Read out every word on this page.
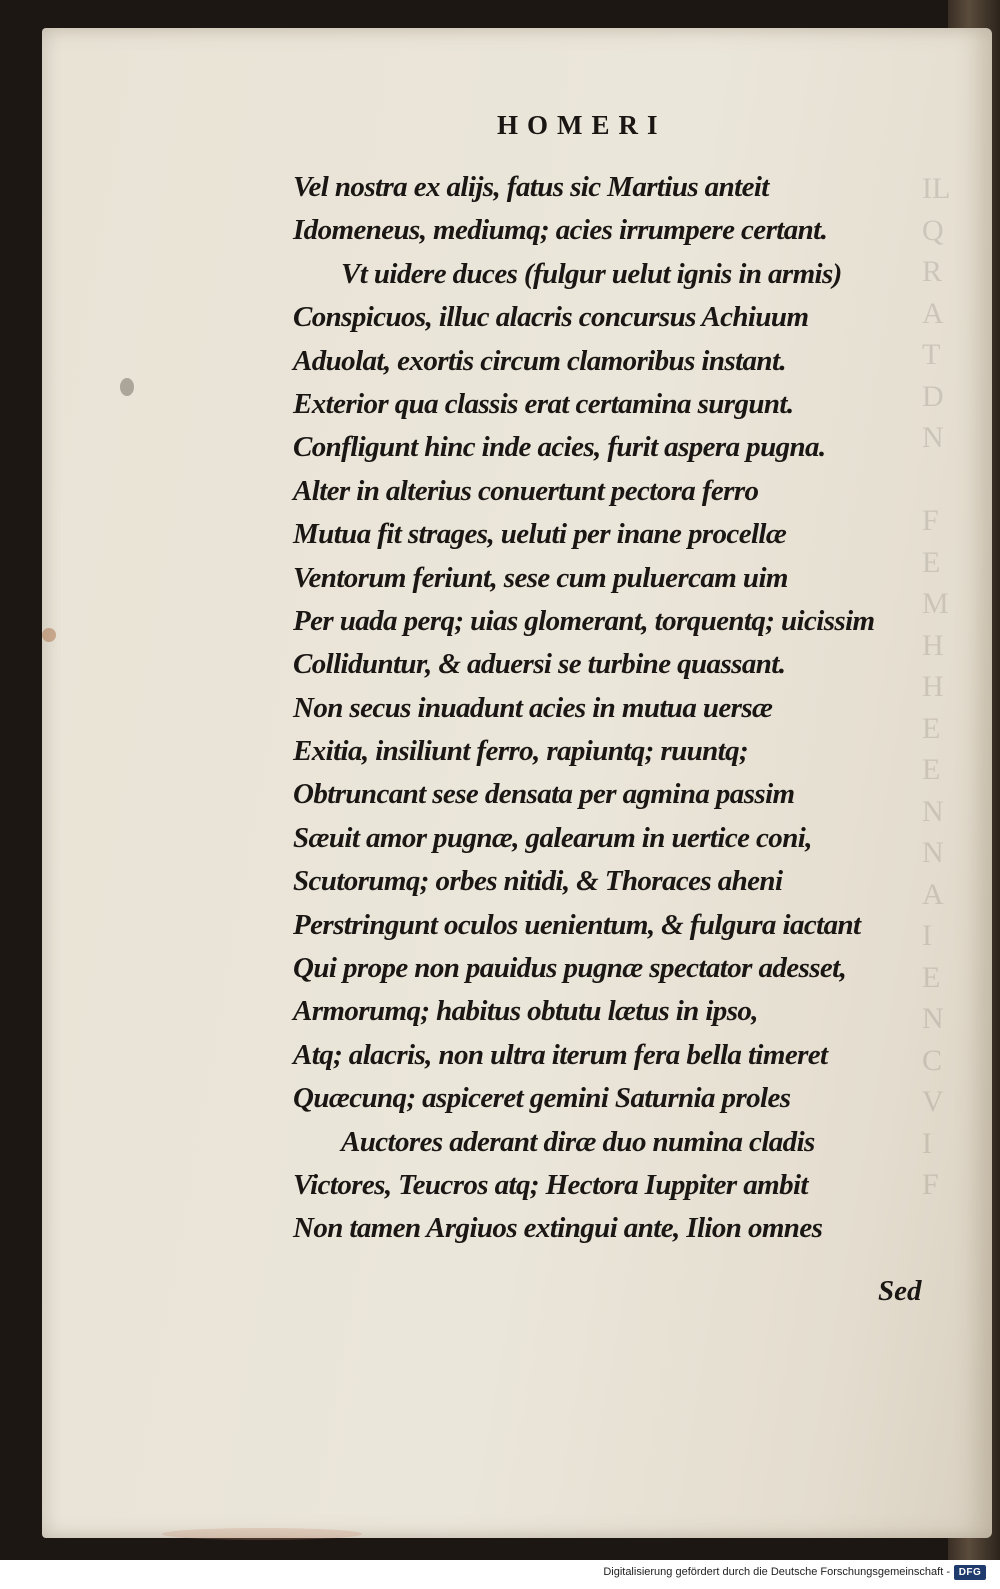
IL
Q
R
A
T
D
N

F
E
M
H
H
E
E
N
N
A
I
E
N
C
V
I
F
HOMERI
Vel nostra ex alijs, fatus sic Martius anteit
Idomeneus, mediumq; acies irrumpere certant.
Vt uidere duces (fulgur uelut ignis in armis)
Conspicuos, illuc alacris concursus Achiuum
Aduolat, exortis circum clamoribus instant.
Exterior qua classis erat certamina surgunt.
Confligunt hinc inde acies, furit aspera pugna.
Alter in alterius conuertunt pectora ferro
Mutua fit strages, ueluti per inane procellæ
Ventorum feriunt, sese cum puluercam uim
Per uada perq; uias glomerant, torquentq; uicissim
Colliduntur, & aduersi se turbine quassant.
Non secus inuadunt acies in mutua uersæ
Exitia, insiliunt ferro, rapiuntq; ruuntq;
Obtruncant sese densata per agmina passim
Sæuit amor pugnæ, galearum in uertice coni,
Scutorumq; orbes nitidi, & Thoraces aheni
Perstringunt oculos uenientum, & fulgura iactant
Qui prope non pauidus pugnæ spectator adesset,
Armorumq; habitus obtutu lætus in ipso,
Atq; alacris, non ultra iterum fera bella timeret
Quæcunq; aspiceret gemini Saturnia proles
Auctores aderant diræ duo numina cladis
Victores, Teucros atq; Hectora Iuppiter ambit
Non tamen Argiuos extingui ante, Ilion omnes
Sed
Digitalisierung gefördert durch die Deutsche Forschungsgemeinschaft - DFG
